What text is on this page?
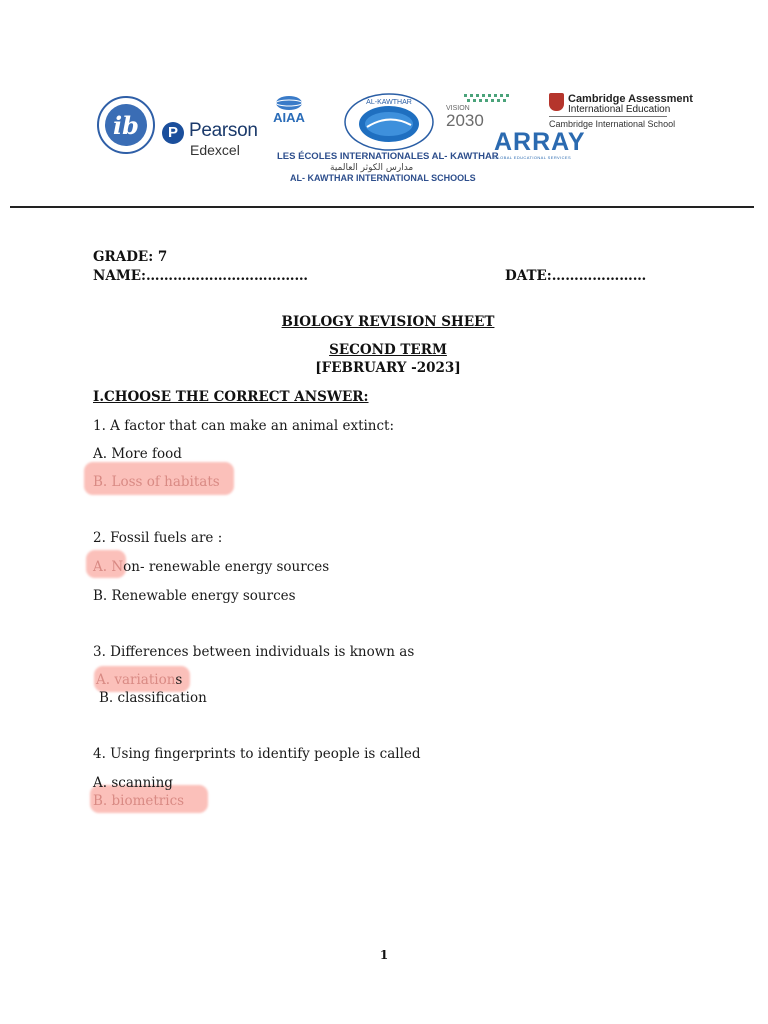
ib	P Pearson
Edexcel
AIAA
AL-KAWTHAR
VISION
2030
ARRAY
GLOBAL EDUCATIONAL SERVICES
Cambridge Assessment
International Education
Cambridge International School
LES ÉCOLES INTERNATIONALES AL- KAWTHAR
مدارس الكوثر العالمية
AL- KAWTHAR INTERNATIONAL SCHOOLS
GRADE: 7
NAME:………………………………	DATE:…………………
BIOLOGY REVISION SHEET
SECOND TERM
[FEBRUARY -2023]
I.CHOOSE THE CORRECT ANSWER:
1. A factor that can make an animal extinct:
A. More food
B. Loss of habitats
2. Fossil fuels are :
A. Non- renewable energy sources
B. Renewable energy sources
3. Differences between individuals is known as
A. variations
B. classification
4. Using fingerprints to identify people is called
A. scanning
B. biometrics
1
